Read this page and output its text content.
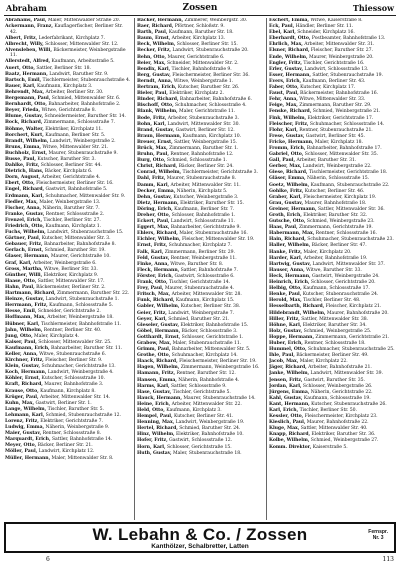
Abraham	Zossen	Thiessow
Abrahams, Paul, Maler, Mittenwalder Straße 20.
Ackermann, Franz, Kauflagerfischer, Berliner Str. 42.
Albert, Fritz, Lederfabrikant, Kirchplatz 7.
Albrecht, Willy, Schlosser, Mittenwalder Str. 12.
Alvensleben, Willi, Bäckermeister, Weinbergstraße 11.
Allerstedt, Alfred, Kaufmann, Arbeitsstraße 5.
Auert, Otto, Sattler, Berliner Str. 18.
Baatz, Hermann, Landwirt, Baruther Str. 9.
Bartsch, Emil, Tischlermeister, Stubenrauchstraße 4.
Bauer, Karl, Kaufmann, Kirchplatz 3.
Behrendt, Max, Arbeiter, Berliner Str. 30.
Bergemann, Paul, Schmied, Mittenwalder Str. 6.
Bernhardt, Otto, Bahnarbeiter, Bahnhofstraße 2.
Beyer, Frieda, Witwe, Gerichtstraße 8.
Blume, Gustav, Schneidermeister, Baruther Str. 14.
Bock, Richard, Zimmermann, Schlossstraße 7.
Böhme, Walter, Elektriker, Kirchplatz 11.
Borchert, Kurt, Kaufmann, Berliner Str. 5.
Brandt, Wilhelm, Landwirt, Weinbergstraße 2.
Bruns, Emma, Witwe, Mittenwalder Str. 21.
Buchholz, Ernst, Maurer, Stubenrauchstraße 9.
Busse, Paul, Kutscher, Baruther Str. 3.
Dahlke, Fritz, Schlosser, Berliner Str. 44.
Dietrich, Hans, Bäcker, Kirchplatz 6.
Dorn, August, Arbeiter, Gerichtstraße 4.
Ebert, Otto, Fleischermeister, Berliner Str. 16.
Engel, Richard, Gastwirt, Bahnhofstraße 5.
Erdmann, Karl, Schuhmacher, Mittenwalder Str. 9.
Fiedler, Max, Maler, Weinbergstraße 13.
Fischer, Anna, Näherin, Baruther Str. 7.
Franke, Gustav, Rentner, Schlossstraße 2.
Frenzel, Erich, Tischler, Berliner Str. 27.
Friedrich, Otto, Kaufmann, Kirchplatz 1.
Fuchs, Wilhelm, Landwirt, Stubenrauchstraße 15.
Gärtner, Paul, Kutscher, Mittenwalder Str. 3.
Gebauer, Fritz, Bahnarbeiter, Bahnhofstraße 8.
Gerlach, Ernst, Schmied, Baruther Str. 19.
Glaser, Hermann, Maurer, Gerichtstraße 10.
Graf, Karl, Arbeiter, Weinbergstraße 6.
Gross, Martha, Witwe, Berliner Str. 33.
Günther, Willi, Elektriker, Kirchplatz 9.
Haase, Otto, Sattler, Mittenwalder Str. 17.
Hahn, Paul, Bäckermeister, Berliner Str. 2.
Hartmann, Richard, Zimmermann, Baruther Str. 22.
Heinze, Gustav, Landwirt, Stubenrauchstraße 1.
Herrmann, Fritz, Kaufmann, Schlossstraße 5.
Hesse, Emil, Schneider, Gerichtstraße 2.
Hoffmann, Max, Arbeiter, Weinbergstraße 18.
Hübner, Karl, Tischlermeister, Bahnhofstraße 11.
Jahn, Wilhelm, Rentner, Berliner Str. 40.
Jung, Otto, Maler, Kirchplatz 4.
Kaiser, Paul, Schlosser, Mittenwalder Str. 25.
Kaufmann, Erich, Bahnarbeiter, Baruther Str. 11.
Keller, Anna, Witwe, Stubenrauchstraße 6.
Kirchner, Fritz, Fleischer, Berliner Str. 9.
Klein, Gustav, Schuhmacher, Gerichtstraße 13.
Koch, Hermann, Landwirt, Weinbergstraße 4.
Köhler, Ernst, Kutscher, Schlossstraße 10.
Kraft, Richard, Maurer, Bahnhofstraße 3.
Krause, Otto, Kaufmann, Kirchplatz 8.
Krüger, Paul, Arbeiter, Mittenwalder Str. 14.
Kuhn, Max, Gastwirt, Berliner Str. 1.
Lange, Wilhelm, Tischler, Baruther Str. 5.
Lehmann, Karl, Schmied, Stubenrauchstraße 12.
Lorenz, Fritz, Elektriker, Gerichtstraße 7.
Ludwig, Emma, Näherin, Weinbergstraße 9.
Maier, Gustav, Rentner, Schlossstraße 8.
Marquardt, Erich, Sattler, Bahnhofstraße 14.
Meyer, Otto, Bäcker, Berliner Str. 21.
Möller, Paul, Landwirt, Kirchplatz 12.
Müller, Hermann, Maler, Mittenwalder Str. 8.
Bäcker, Hermann, Zimmerer, Weinbergstr. 30.
Baer, Richard, Pförtner, Schloßstr. 9.
Barth, Paul, Kaufmann, Baruther Str. 18.
Baum, Ernst, Arbeiter, Kirchplatz 13.
Beck, Wilhelm, Schlosser, Berliner Str. 15.
Becker, Fritz, Landwirt, Stubenrauchstraße 20.
Behn, Otto, Maurer, Gerichtstraße 6.
Beier, Max, Schneider, Mittenwalder Str. 2.
Bendix, Karl, Tischler, Bahnhofstraße 9.
Berg, Gustav, Fleischermeister, Berliner Str. 36.
Berndt, Anna, Witwe, Weinbergstraße 1.
Bertram, Erich, Kutscher, Baruther Str. 26.
Bieler, Paul, Elektriker, Kirchplatz 2.
Binder, Richard, Bahnarbeiter, Bahnhofstraße 6.
Bischoff, Otto, Schuhmacher, Schlossstraße 4.
Blank, Wilhelm, Maler, Gerichtstraße 11.
Bode, Fritz, Arbeiter, Stubenrauchstraße 3.
Bohn, Karl, Landwirt, Mittenwalder Str. 30.
Brand, Gustav, Gastwirt, Berliner Str. 12.
Braun, Hermann, Kaufmann, Kirchplatz 10.
Breuer, Ernst, Sattler, Weinbergstraße 15.
Brück, Max, Zimmermann, Baruther Str. 1.
Bruhn, Paul, Rentner, Bahnhofstraße 12.
Burg, Otto, Schmied, Schlossstraße 1.
Christ, Richard, Bäcker, Berliner Str. 24.
Conrad, Wilhelm, Tischlermeister, Gerichtstraße 3.
Dahl, Fritz, Maurer, Stubenrauchstraße 8.
Damm, Karl, Arbeiter, Mittenwalder Str. 11.
Decker, Emma, Näherin, Kirchplatz 5.
Dehn, Gustav, Kutscher, Weinbergstraße 3.
Dietz, Hermann, Elektriker, Baruther Str. 15.
Döring, Erich, Kaufmann, Berliner Str. 7.
Dreher, Otto, Schlosser, Bahnhofstraße 1.
Eckert, Paul, Landwirt, Schlossstraße 11.
Eggert, Max, Bahnarbeiter, Gerichtstraße 9.
Ehlers, Richard, Maler, Stubenrauchstraße 16.
Eichler, Wilhelm, Fleischer, Mittenwalder Str. 19.
Ernst, Fritz, Schuhmacher, Kirchplatz 7.
Falk, Karl, Zimmermann, Berliner Str. 29.
Feld, Gustav, Rentner, Weinbergstraße 11.
Finke, Anna, Witwe, Baruther Str. 8.
Fleck, Hermann, Sattler, Bahnhofstraße 7.
Förster, Erich, Gastwirt, Schlossstraße 6.
Frank, Otto, Tischler, Gerichtstraße 14.
Frey, Paul, Maurer, Stubenrauchstraße 4.
Fritsch, Max, Arbeiter, Mittenwalder Str. 28.
Funk, Richard, Kaufmann, Kirchplatz 15.
Gabler, Wilhelm, Kutscher, Berliner Str. 38.
Geier, Fritz, Landwirt, Weinbergstraße 7.
Geyer, Karl, Schmied, Baruther Str. 21.
Gieseler, Gustav, Elektriker, Bahnhofstraße 15.
Göbel, Hermann, Bäcker, Schlossstraße 3.
Gotthardt, Ernst, Schlosser, Gerichtstraße 1.
Grabow, Max, Maler, Stubenrauchstraße 11.
Grimm, Paul, Bahnarbeiter, Mittenwalder Str. 5.
Grothe, Otto, Schuhmacher, Kirchplatz 14.
Haack, Richard, Fleischermeister, Berliner Str. 19.
Hagen, Wilhelm, Zimmermann, Weinbergstraße 16.
Hamann, Fritz, Rentner, Baruther Str. 12.
Hansen, Emma, Näherin, Bahnhofstraße 4.
Harms, Karl, Sattler, Schlossstraße 9.
Hase, Gustav, Tischler, Gerichtstraße 5.
Hauck, Hermann, Maurer, Stubenrauchstraße 14.
Heine, Erich, Arbeiter, Mittenwalder Str. 22.
Held, Otto, Kaufmann, Kirchplatz 3.
Hempel, Paul, Kutscher, Berliner Str. 41.
Henning, Max, Landwirt, Weinbergstraße 19.
Hertel, Richard, Schmied, Baruther Str. 24.
Hinz, Wilhelm, Elektriker, Bahnhofstraße 10.
Hofer, Fritz, Gastwirt, Schlossstraße 12.
Horn, Karl, Schlosser, Gerichtstraße 15.
Huth, Gustav, Maler, Stubenrauchstraße 18.
Eschert, Emma, Witwe, Kaiserstraße 8.
Eck, Paul, Händler, Berliner Str. 11.
Ebel, Karl, Schneider, Kirchplatz 16.
Eberhardt, Otto, Postbeamter, Bahnhofstraße 13.
Ehrlich, Max, Arbeiter, Mittenwalder Str. 31.
Elsner, Richard, Fleischer, Baruther Str. 27.
Ende, Wilhelm, Maurer, Weinbergstraße 20.
Engler, Fritz, Tischler, Gerichtstraße 16.
Erler, Gustav, Landwirt, Schlossstraße 13.
Esser, Hermann, Sattler, Stubenrauchstraße 19.
Evers, Erich, Kaufmann, Berliner Str. 43.
Faber, Otto, Kutscher, Kirchplatz 17.
Faust, Paul, Bäckermeister, Bahnhofstraße 16.
Fehr, Anna, Witwe, Mittenwalder Str. 33.
Feige, Max, Zimmermann, Baruther Str. 29.
Fenske, Richard, Schmied, Weinbergstraße 21.
Fink, Wilhelm, Elektriker, Gerichtstraße 17.
Fleischer, Fritz, Schuhmacher, Schlossstraße 14.
Flohr, Karl, Rentner, Stubenrauchstraße 21.
Frese, Gustav, Gastwirt, Berliner Str. 45.
Fricke, Hermann, Maler, Kirchplatz 18.
Fromm, Erich, Bahnarbeiter, Bahnhofstraße 17.
Gabriel, Otto, Schlosser, Mittenwalder Str. 35.
Gall, Paul, Arbeiter, Baruther Str. 31.
Gerber, Max, Landwirt, Weinbergstraße 22.
Giese, Richard, Tischlermeister, Gerichtstraße 18.
Gläser, Emma, Näherin, Schlossstraße 15.
Goetz, Wilhelm, Kaufmann, Stubenrauchstraße 22.
Gohlke, Fritz, Kutscher, Berliner Str. 46.
Graber, Karl, Fleischermeister, Kirchplatz 19.
Grau, Gustav, Maurer, Bahnhofstraße 18.
Greiner, Hermann, Sattler, Mittenwalder Str. 36.
Groth, Erich, Elektriker, Baruther Str. 32.
Gutsche, Otto, Schmied, Weinbergstraße 23.
Haas, Paul, Zimmermann, Gerichtstraße 19.
Habermann, Max, Rentner, Schlossstraße 16.
Hain, Richard, Schuhmacher, Stubenrauchstraße 23.
Haller, Wilhelm, Bäcker, Berliner Str. 47.
Hanke, Fritz, Maler, Kirchplatz 20.
Harder, Karl, Arbeiter, Bahnhofstraße 19.
Hartwig, Gustav, Landwirt, Mittenwalder Str. 37.
Hauser, Anna, Witwe, Baruther Str. 33.
Heck, Hermann, Gastwirt, Weinbergstraße 24.
Heinrich, Erich, Schlosser, Gerichtstraße 20.
Helbig, Otto, Kaufmann, Schlossstraße 17.
Henke, Paul, Kutscher, Stubenrauchstraße 24.
Herold, Max, Tischler, Berliner Str. 48.
Hesselbarth, Richard, Fleischer, Kirchplatz 21.
Hildebrandt, Wilhelm, Maurer, Bahnhofstraße 20.
Hiller, Fritz, Sattler, Mittenwalder Str. 38.
Höhne, Karl, Elektriker, Baruther Str. 34.
Holz, Gustav, Schmied, Weinbergstraße 25.
Hoppe, Hermann, Zimmermann, Gerichtstraße 21.
Huber, Erich, Rentner, Schlossstraße 18.
Hummel, Otto, Schuhmacher, Stubenrauchstraße 25.
Ihle, Paul, Bäckermeister, Berliner Str. 49.
Jacob, Max, Maler, Kirchplatz 22.
Jäger, Richard, Arbeiter, Bahnhofstraße 21.
Janke, Wilhelm, Landwirt, Mittenwalder Str. 39.
Jensen, Fritz, Gastwirt, Baruther Str. 35.
Jordan, Karl, Schlosser, Weinbergstraße 26.
Jürgens, Emma, Näherin, Gerichtstraße 22.
Kahl, Gustav, Kaufmann, Schlossstraße 19.
Kant, Hermann, Kutscher, Stubenrauchstraße 26.
Karl, Erich, Tischler, Berliner Str. 50.
Kessler, Otto, Fleischermeister, Kirchplatz 23.
Kieslich, Paul, Maurer, Bahnhofstraße 22.
Kluge, Max, Sattler, Mittenwalder Str. 40.
Knapp, Richard, Elektriker, Baruther Str. 36.
Kolbe, Wilhelm, Schmied, Weinbergstraße 27.
Komm. Direktor, Kaiserstraße 5.
W. Lebahn & Co. / Zossen
Kanthölzer, Schalbretter, Latten
Fernspr.
Nr. 3
6	113
